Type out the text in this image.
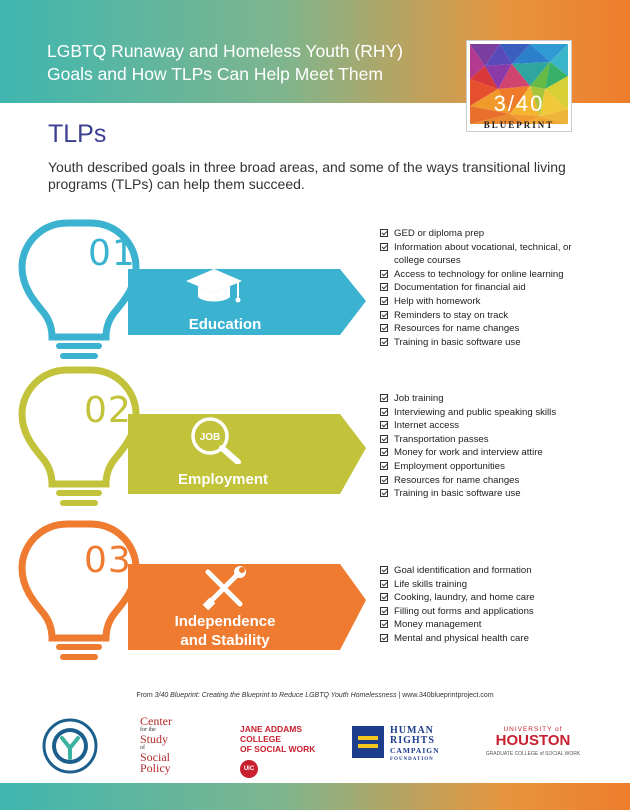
LGBTQ Runaway and Homeless Youth (RHY)
Goals and How TLPs Can Help Meet Them
3/40
BLUEPRINT
TLPs
Youth described goals in three broad areas, and some of the ways transitional living programs (TLPs) can help them succeed.
01
Education
GED or diploma prep
Information about vocational, technical, or college courses
Access to technology for online learning
Documentation for financial aid
Help with homework
Reminders to stay on track
Resources for name changes
Training in basic software use
02
JOB
Employment
Job training
Interviewing and public speaking skills
Internet access
Transportation passes
Money for work and interview attire
Employment opportunities
Resources for name changes
Training in basic software use
03
Independence
and Stability
Goal identification and formation
Life skills training
Cooking, laundry, and home care
Filling out forms and applications
Money management
Mental and physical health care
From 3/40 Blueprint: Creating the Blueprint to Reduce LGBTQ Youth Homelessness | www.340blueprintproject.com
Center
for the
Study
of
Social
Policy
JANE ADDAMS
COLLEGE
OF SOCIAL WORK
UIC
HUMAN
RIGHTS
CAMPAIGN
FOUNDATION
UNIVERSITY of
HOUSTON
GRADUATE COLLEGE of SOCIAL WORK
